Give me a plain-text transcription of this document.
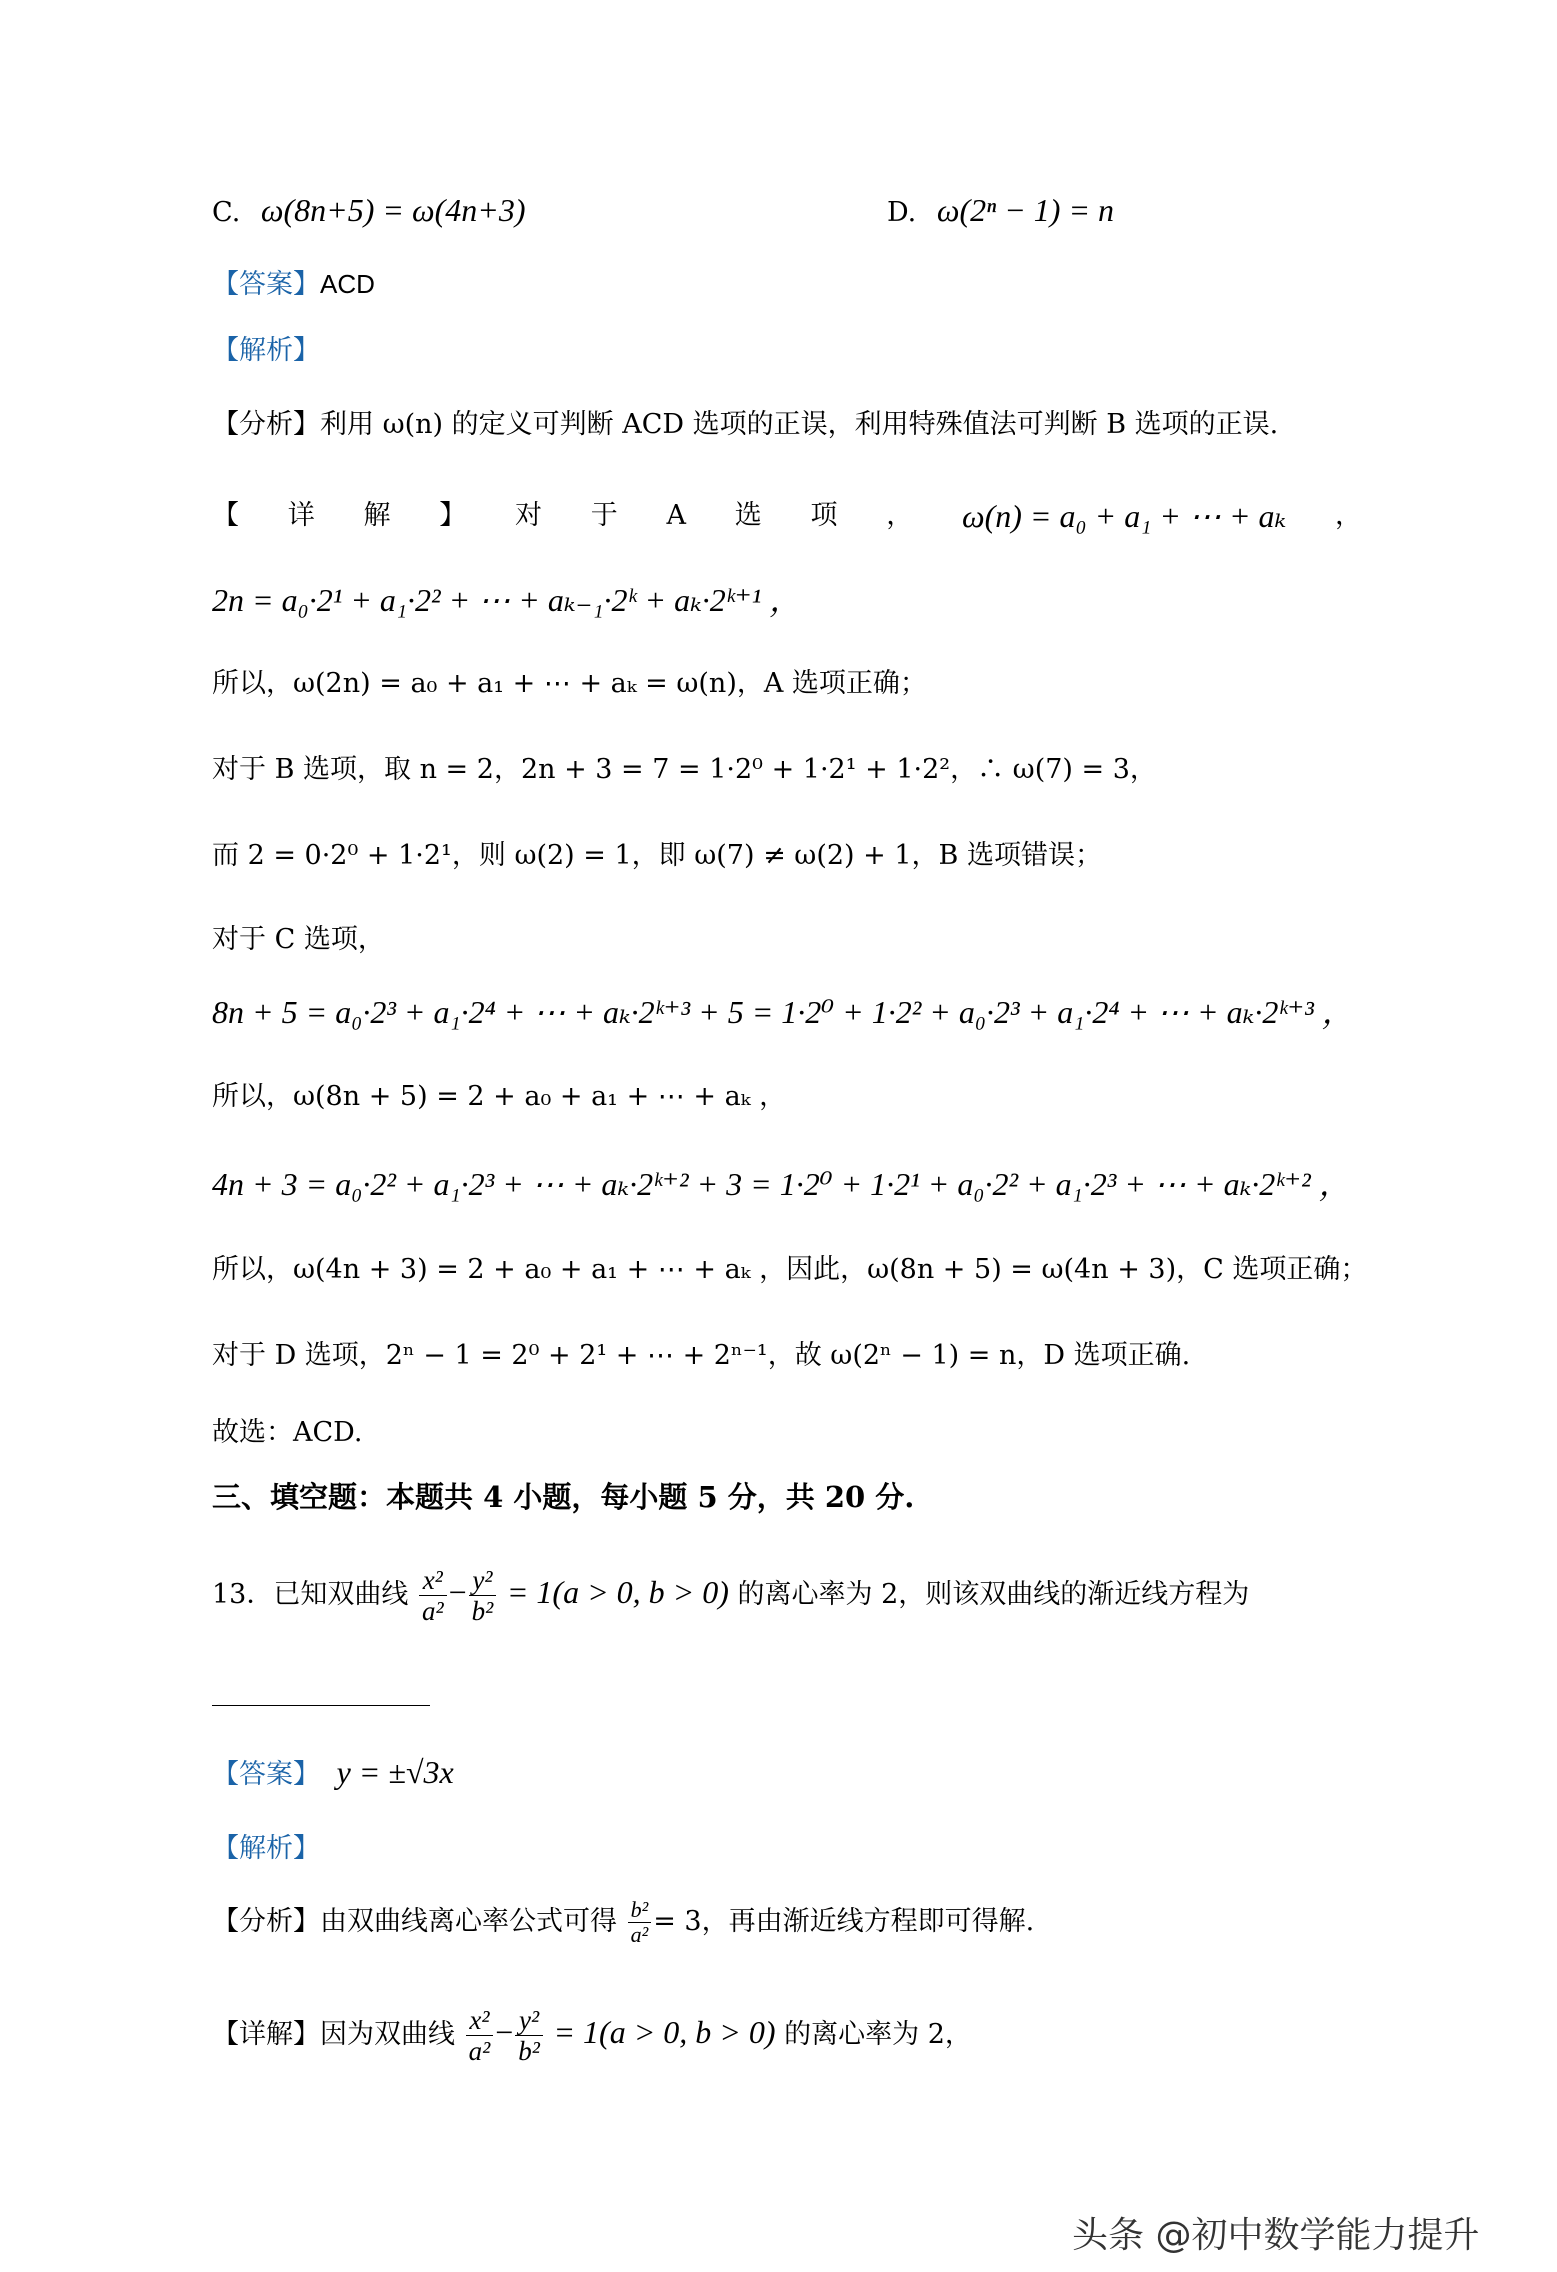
C. ω(8n+5) = ω(4n+3)	D. ω(2ⁿ − 1) = n
【答案】ACD
【解析】
【分析】利用 ω(n) 的定义可判断 ACD 选项的正误，利用特殊值法可判断 B 选项的正误.
【 详 解 】 对 于 A 选 项 ， ω(n) = a₀ + a₁ + ⋯ + aₖ ，
2n = a₀·2¹ + a₁·2² + ⋯ + aₖ₋₁·2ᵏ + aₖ·2ᵏ⁺¹ ，
所以，ω(2n) = a₀ + a₁ + ⋯ + aₖ = ω(n)，A 选项正确；
对于 B 选项，取 n = 2，2n + 3 = 7 = 1·2⁰ + 1·2¹ + 1·2²，∴ ω(7) = 3，
而 2 = 0·2⁰ + 1·2¹，则 ω(2) = 1，即 ω(7) ≠ ω(2) + 1，B 选项错误；
对于 C 选项，
8n + 5 = a₀·2³ + a₁·2⁴ + ⋯ + aₖ·2ᵏ⁺³ + 5 = 1·2⁰ + 1·2² + a₀·2³ + a₁·2⁴ + ⋯ + aₖ·2ᵏ⁺³ ，
所以，ω(8n + 5) = 2 + a₀ + a₁ + ⋯ + aₖ ，
4n + 3 = a₀·2² + a₁·2³ + ⋯ + aₖ·2ᵏ⁺² + 3 = 1·2⁰ + 1·2¹ + a₀·2² + a₁·2³ + ⋯ + aₖ·2ᵏ⁺² ，
所以，ω(4n + 3) = 2 + a₀ + a₁ + ⋯ + aₖ ，因此，ω(8n + 5) = ω(4n + 3)，C 选项正确；
对于 D 选项，2ⁿ − 1 = 2⁰ + 2¹ + ⋯ + 2ⁿ⁻¹，故 ω(2ⁿ − 1) = n，D 选项正确.
故选：ACD.
三、填空题：本题共 4 小题，每小题 5 分，共 20 分.
13．已知双曲线 $\frac{\text{x²}}{\text{a²}} - \frac{\text{y²}}{\text{b²}} = 1(a > 0$, b > 0) 的离心率为 2，则该双曲线的渐近线方程为
【答案】 y = ±√3x
【解析】
【分析】由双曲线离心率公式可得 $\frac{\text{b²}}{\text{a²}} = 3$，再由渐近线方程即可得解.
【详解】因为双曲线 $\frac{\text{x²}}{\text{a²}} - \frac{\text{y²}}{\text{b²}} = 1(a > 0$, b > 0) 的离心率为 2，
头条 @初中数学能力提升
